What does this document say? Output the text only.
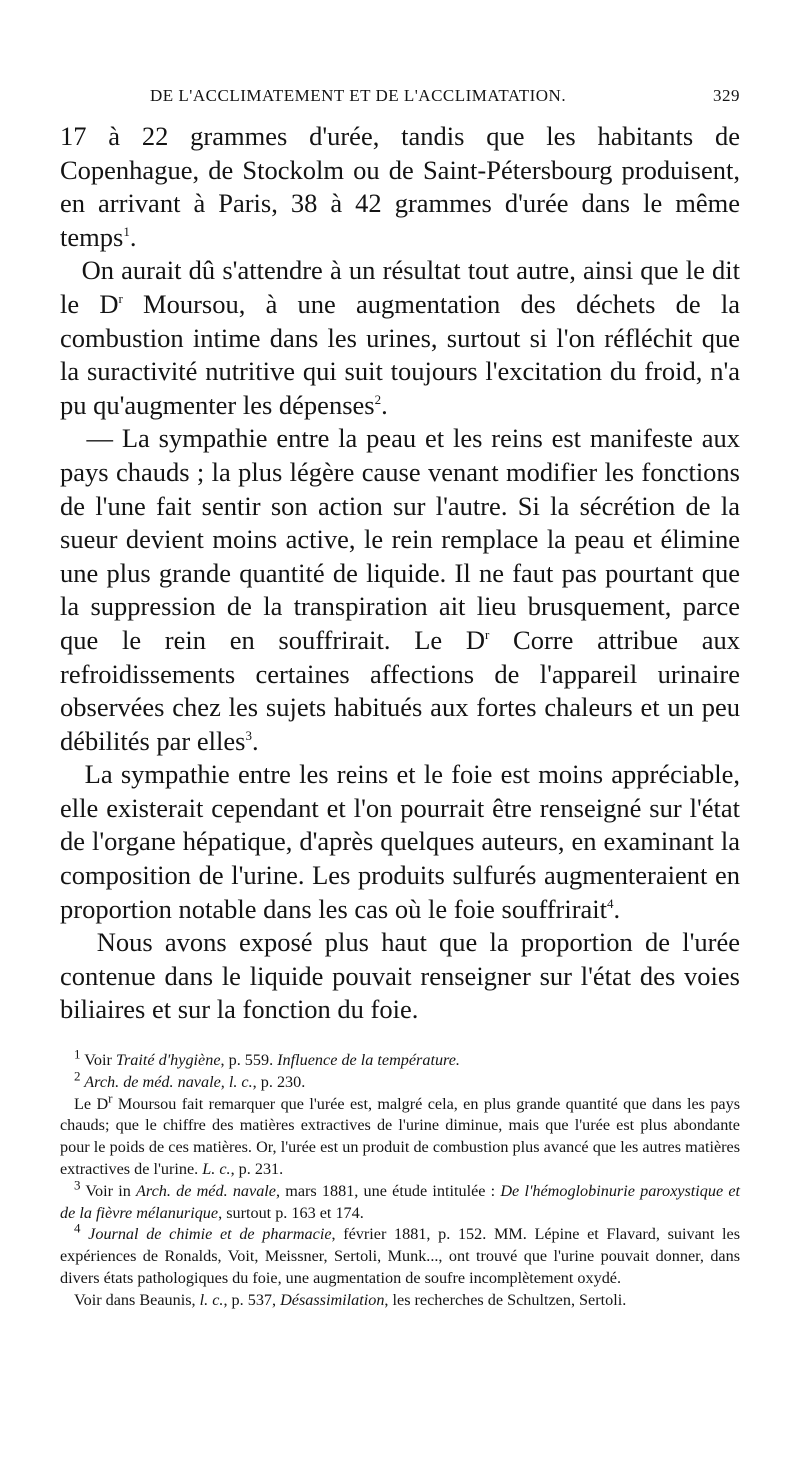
DE L'ACCLIMATEMENT ET DE L'ACCLIMATATION.	329

17 à 22 grammes d'urée, tandis que les habitants de Copenhague, de Stockolm ou de Saint-Pétersbourg produisent, en arrivant à Paris, 38 à 42 grammes d'urée dans le même temps$^1$.

On aurait dû s'attendre à un résultat tout autre, ainsi que le dit le $D^r$ Moursou, à une augmentation des déchets de la combustion intime dans les urines, surtout si l'on réfléchit que la suractivité nutritive qui suit toujours l'excitation du froid, n'a pu qu'augmenter les dépenses$^2$.

— La sympathie entre la peau et les reins est manifeste aux pays chauds ; la plus légère cause venant modifier les fonctions de l'une fait sentir son action sur l'autre. Si la sécrétion de la sueur devient moins active, le rein remplace la peau et élimine une plus grande quantité de liquide. Il ne faut pas pourtant que la suppression de la transpiration ait lieu brusquement, parce que le rein en souffrirait. Le $D^r$ Corre attribue aux refroidissements certaines affections de l'appareil urinaire observées chez les sujets habitués aux fortes chaleurs et un peu débilités par elles$^3$.

La sympathie entre les reins et le foie est moins appréciable, elle existerait cependant et l'on pourrait être renseigné sur l'état de l'organe hépatique, d'après quelques auteurs, en examinant la composition de l'urine. Les produits sulfurés augmenteraient en proportion notable dans les cas où le foie souffrirait$^4$.

Nous avons exposé plus haut que la proportion de l'urée contenue dans le liquide pouvait renseigner sur l'état des voies biliaires et sur la fonction du foie.

$^1$ Voir Traité d'hygiène, p. 559. Influence de la température.

$^2$ Arch. de méd. navale, l. c., p. 230.

Le $D^r$ Moursou fait remarquer que l'urée est, malgré cela, en plus grande quantité que dans les pays chauds; que le chiffre des matières extractives de l'urine diminue, mais que l'urée est plus abondante pour le poids de ces matières. Or, l'urée est un produit de combustion plus avancé que les autres matières extractives de l'urine. L. c., p. 231.

$^3$ Voir in Arch. de méd. navale, mars 1881, une étude intitulée : De l'hémoglobinurie paroxystique et de la fièvre mélanurique, surtout p. 163 et 174.

$^4$ Journal de chimie et de pharmacie, février 1881, p. 152. MM. Lépine et Flavard, suivant les expériences de Ronalds, Voit, Meissner, Sertoli, Munk..., ont trouvé que l'urine pouvait donner, dans divers états pathologiques du foie, une augmentation de soufre incomplètement oxydé.

Voir dans Beaunis, l. c., p. 537, Désassimilation, les recherches de Schultzen, Sertoli.
